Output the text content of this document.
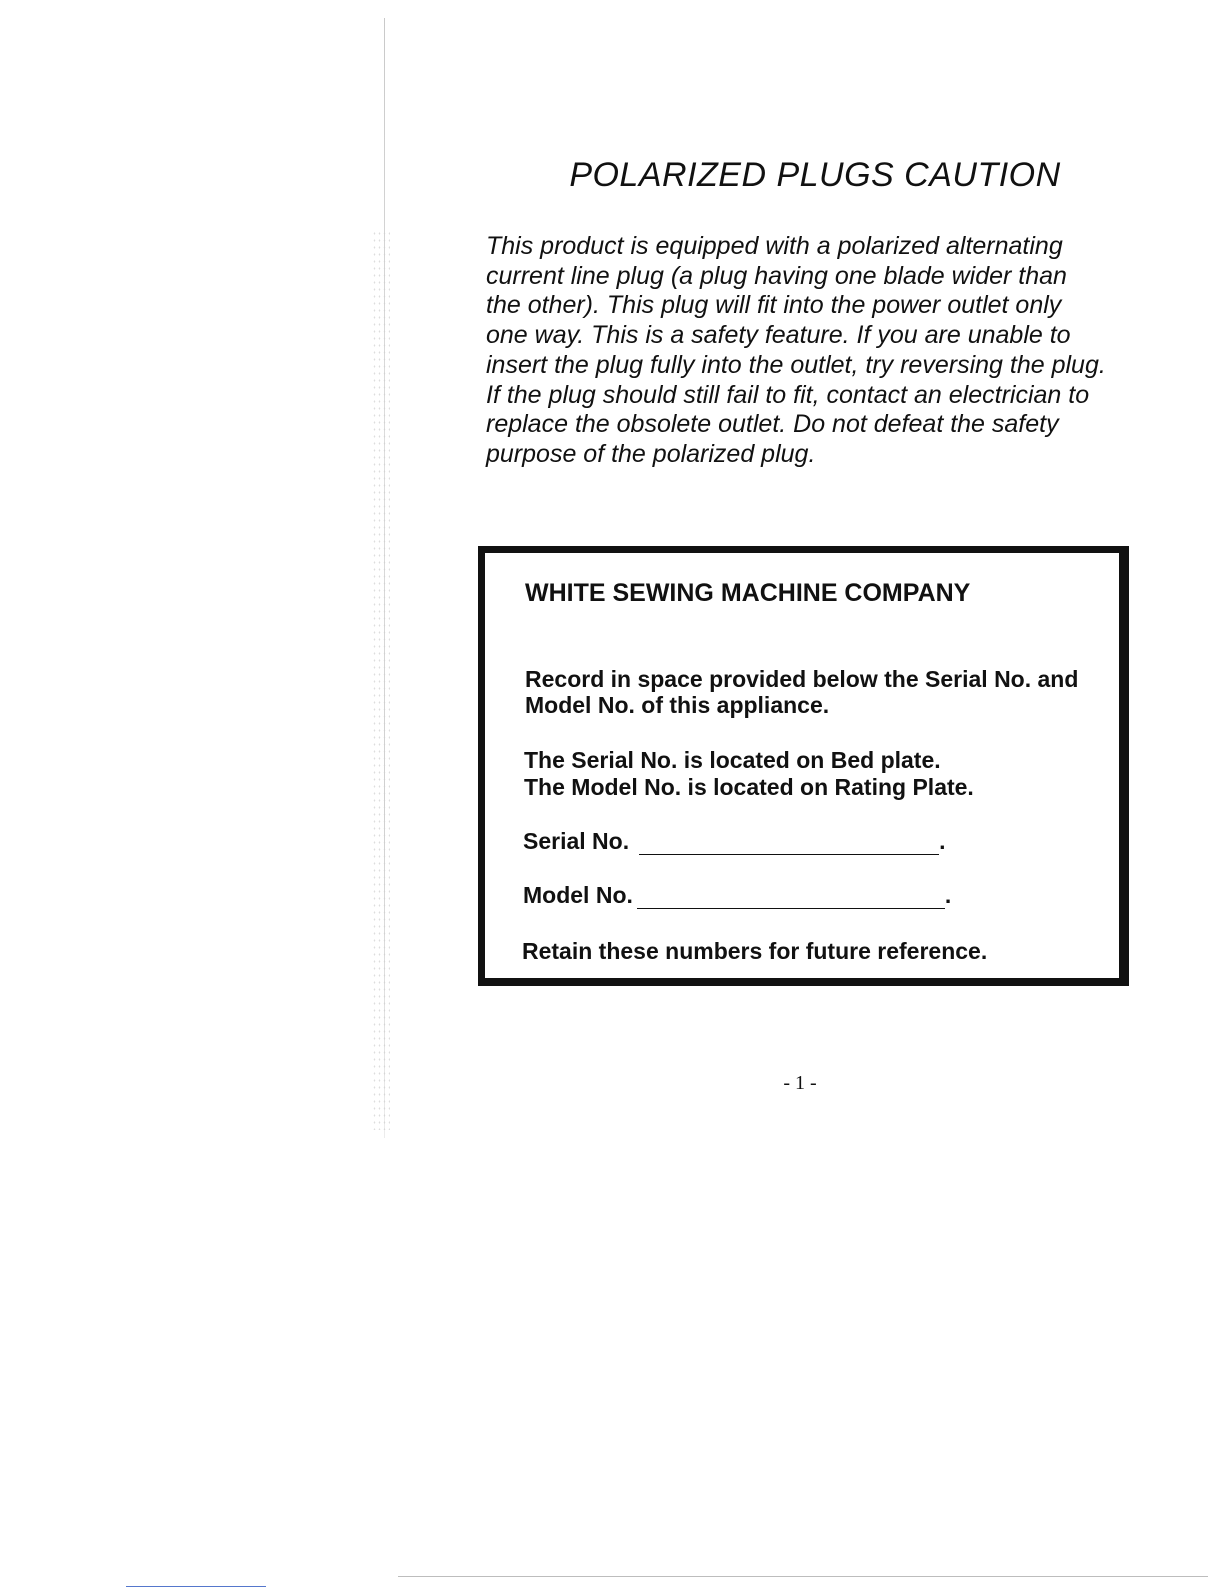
POLARIZED PLUGS CAUTION
This product is equipped with a polarized alternating
current line plug (a plug having one blade wider than
the other). This plug will fit into the power outlet only
one way. This is a safety feature. If you are unable to
insert the plug fully into the outlet, try reversing the plug.
If the plug should still fail to fit, contact an electrician to
replace the obsolete outlet. Do not defeat the safety
purpose of the polarized plug.

WHITE SEWING MACHINE COMPANY

Record in space provided below the Serial No. and

Model No. of this appliance.

The Serial No. is located on Bed plate.

The Model No. is located on Rating Plate.

Serial No.	.
Model No.	.

Retain these numbers for future reference.

- 1 -
